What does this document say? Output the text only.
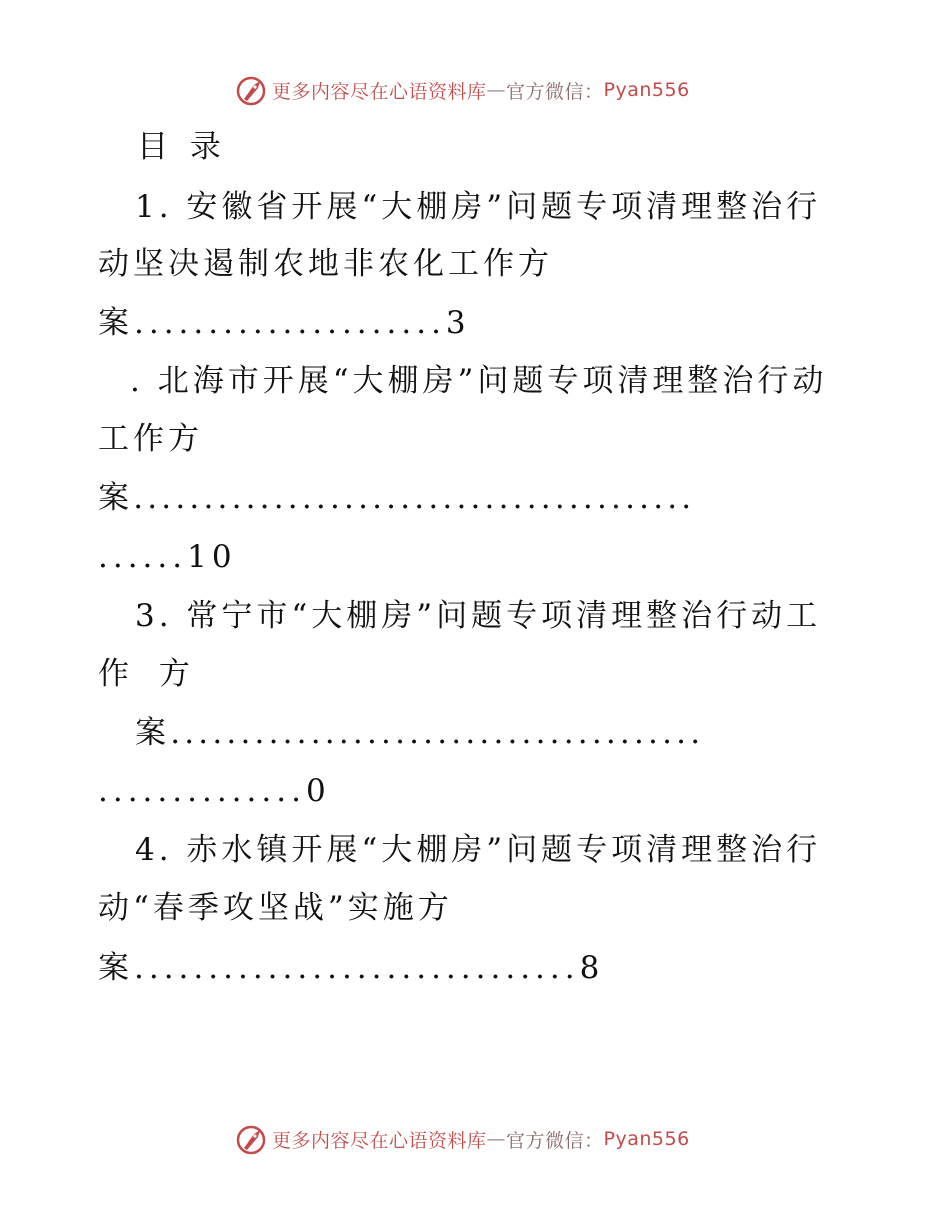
更多内容尽在心语资料库 — 官方微信： Pyan556
目 录
1. 安徽省开展“大棚房”问题专项清理整治行
动坚决遏制农地非农化工作方
案.....................3
. 北海市开展“大棚房”问题专项清理整治行动
工作方
案........................................
......10
3. 常宁市“大棚房”问题专项清理整治行动工
作 方
案......................................
..............0
4. 赤水镇开展“大棚房”问题专项清理整治行
动“春季攻坚战”实施方
案..............................8
更多内容尽在心语资料库 — 官方微信： Pyan556
